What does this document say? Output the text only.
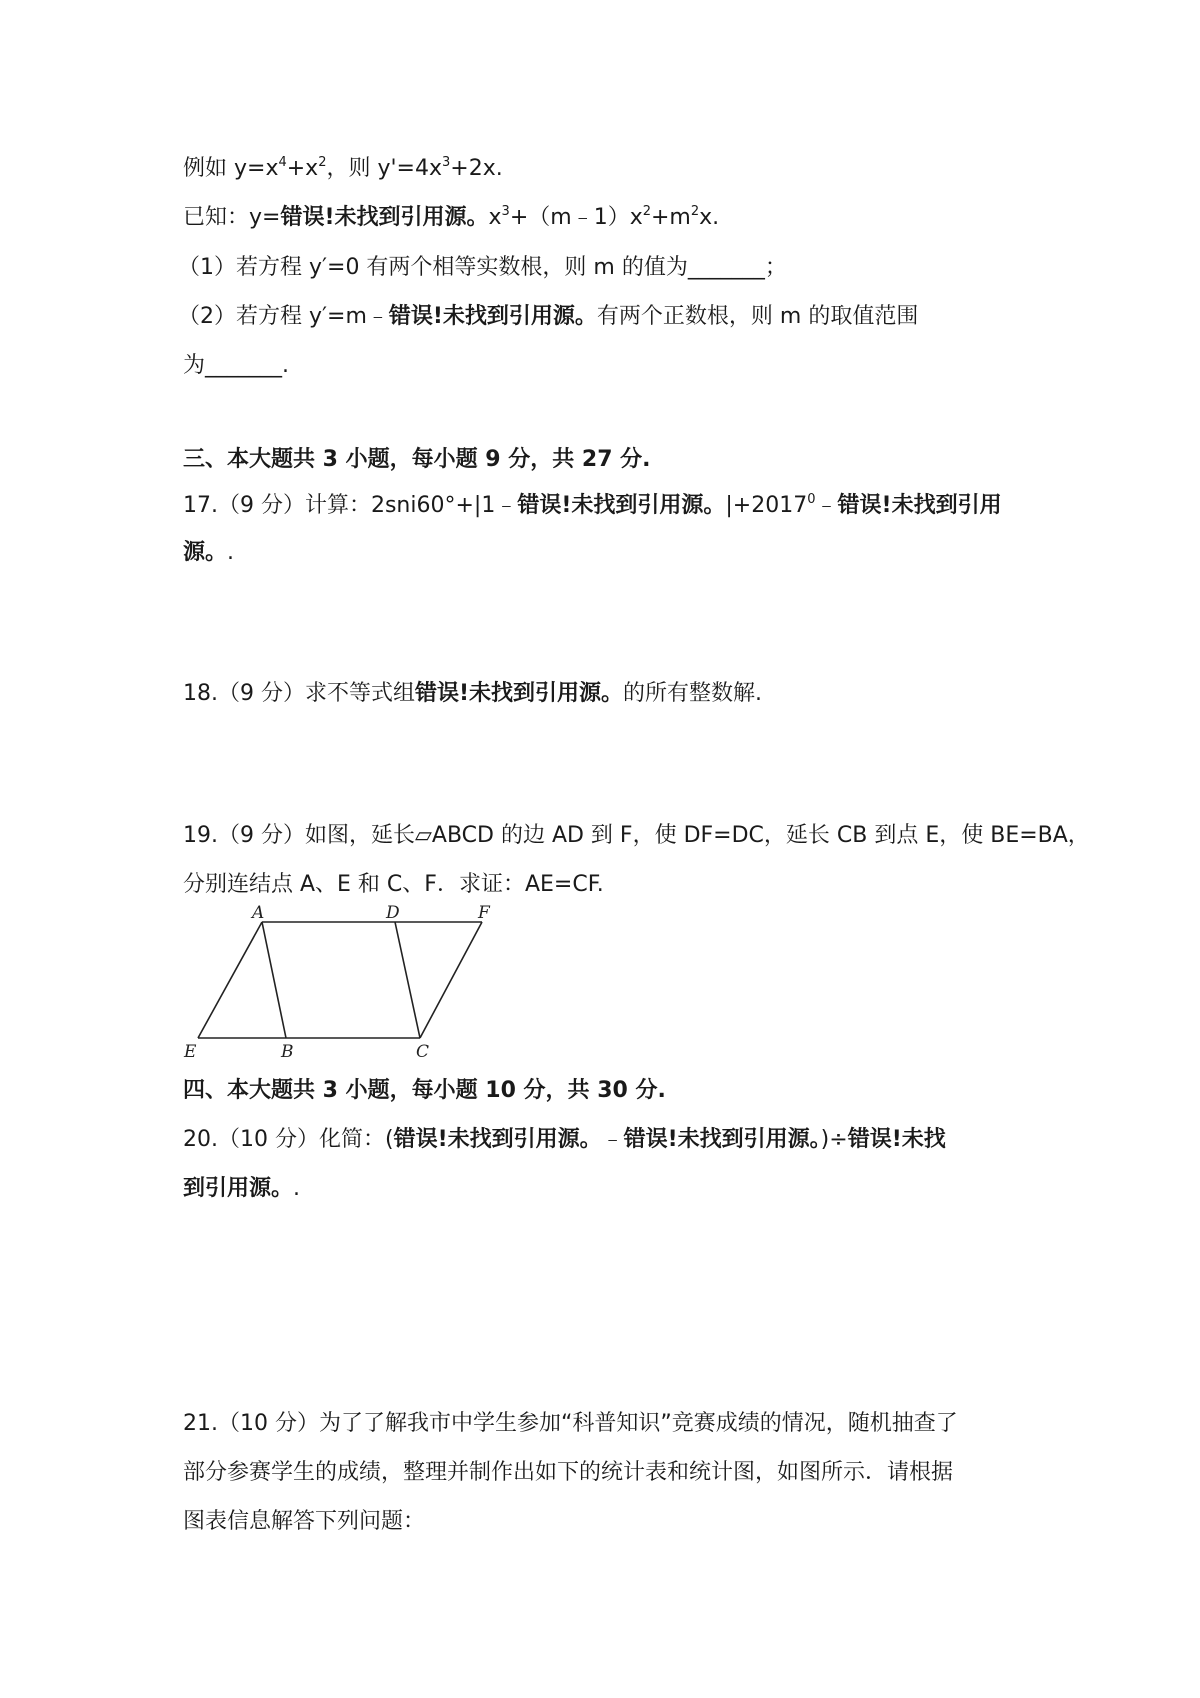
例如 $y=x^4+x^2$，则 $y'=4x^3+2x$.
已知：y=错误!未找到引用源。$x^3+(m﹣1)x^2+m^2x$.
（1）若方程 y′=0 有两个相等实数根，则 m 的值为_______；
（2）若方程 y′=m﹣错误!未找到引用源。有两个正数根，则 m 的取值范围
为_______.
三、本大题共 3 小题，每小题 9 分，共 27 分.
17.（9 分）计算：2sni60°+|1﹣错误!未找到引用源。$|+2017^0﹣$错误!未找到引用
源。.
18.（9 分）求不等式组错误!未找到引用源。的所有整数解.
19.（9 分）如图，延长▱ABCD 的边 AD 到 F，使 DF=DC，延长 CB 到点 E，使 BE=BA，
分别连结点 A、E 和 C、F．求证：AE=CF.
A	D	F
E	B	C
四、本大题共 3 小题，每小题 10 分，共 30 分.
20.（10 分）化简：(错误!未找到引用源。﹣错误!未找到引用源。)÷错误!未找
到引用源。.
21.（10 分）为了了解我市中学生参加“科普知识”竞赛成绩的情况，随机抽查了
部分参赛学生的成绩，整理并制作出如下的统计表和统计图，如图所示．请根据
图表信息解答下列问题：
